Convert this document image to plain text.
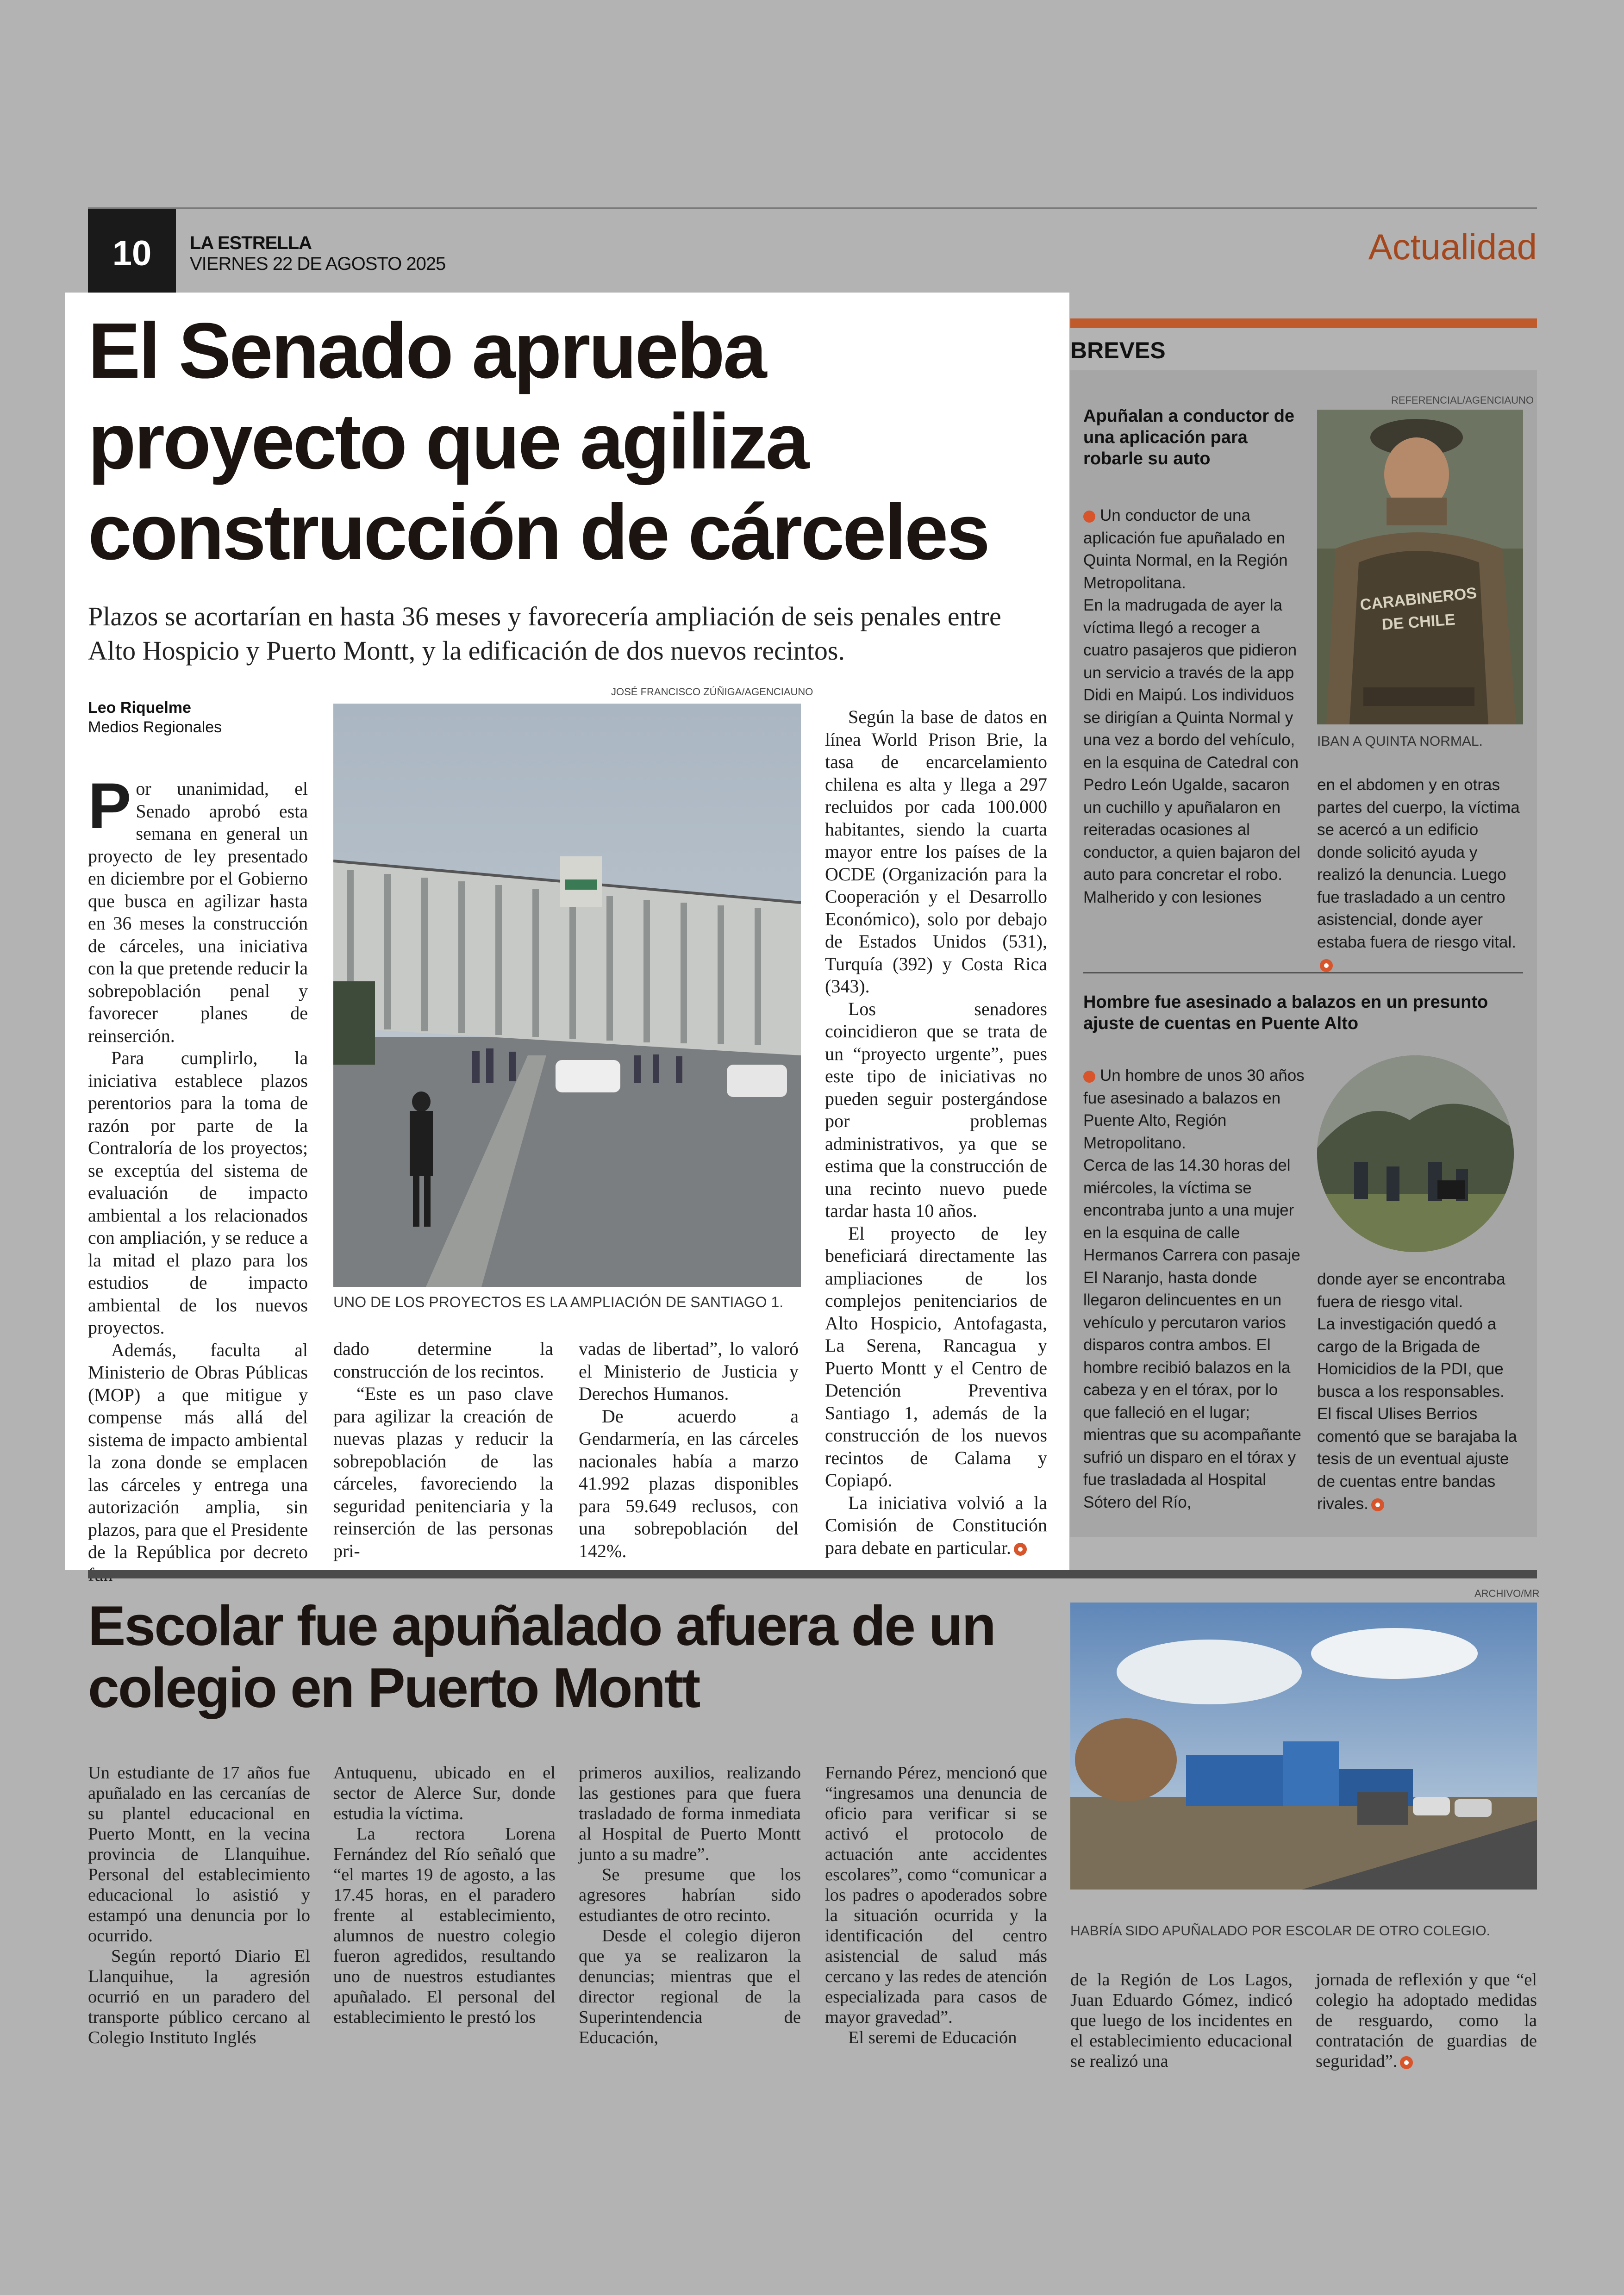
10	LA ESTRELLA
VIERNES 22 DE AGOSTO 2025	Actualidad
El Senado aprueba proyecto que agiliza construcción de cárceles
Plazos se acortarían en hasta 36 meses y favorecería ampliación de seis penales entre Alto Hospicio y Puerto Montt, y la edificación de dos nuevos recintos.
Leo Riquelme
Medios Regionales

Por unanimidad, el Senado aprobó esta semana en general un proyecto de ley presentado en diciembre por el Gobierno que busca en agilizar hasta en 36 meses la construcción de cárceles, una iniciativa con la que pretende reducir la sobrepoblación penal y favorecer planes de reinserción.

Para cumplirlo, la iniciativa establece plazos perentorios para la toma de razón por parte de la Contraloría de los proyectos; se exceptúa del sistema de evaluación de impacto ambiental a los relacionados con ampliación, y se reduce a la mitad el plazo para los estudios de impacto ambiental de los nuevos proyectos.

Además, faculta al Ministerio de Obras Públicas (MOP) a que mitigue y compense más allá del sistema de impacto ambiental la zona donde se emplacen las cárceles y entrega una autorización amplia, sin plazos, para que el Presidente de la República por decreto

JOSÉ FRANCISCO ZÚÑIGA/AGENCIAUNO
UNO DE LOS PROYECTOS ES LA AMPLIACIÓN DE SANTIAGO 1.

dado determine la construcción de los recintos.

“Este es un paso clave para agilizar la creación de nuevas plazas y reducir la sobrepoblación de las cárceles, favoreciendo la seguridad penitenciaria y la reinserción de las personas pri-

vadas de libertad”, lo valoró el Ministerio de Justicia y Derechos Humanos.

De acuerdo a Gendarmería, en las cárceles nacionales había a marzo 41.992 plazas disponibles para 59.649 reclusos, con una sobrepoblación del 142%.

Según la base de datos en línea World Prison Brie, la tasa de encarcelamiento chilena es alta y llega a 297 recluidos por cada 100.000 habitantes, siendo la cuarta mayor entre los países de la OCDE (Organización para la Cooperación y el Desarrollo Económico), solo por debajo de Estados Unidos (531), Turquía (392) y Costa Rica (343).

Los senadores coincidieron que se trata de un “proyecto urgente”, pues este tipo de iniciativas no pueden seguir postergándose por problemas administrativos, ya que se estima que la construcción de una recinto nuevo puede tardar hasta 10 años.

El proyecto de ley beneficiará directamente las ampliaciones de los complejos penitenciarios de Alto Hospicio, Antofagasta, La Serena, Rancagua y Puerto Montt y el Centro de Detención Preventiva Santiago 1, además de la construcción de los nuevos recintos de Calama y Copiapó.

La iniciativa volvió a la Comisión de Constitución para debate en particular.

BREVES
REFERENCIAL/AGENCIAUNO
Apuñalan a conductor de una aplicación para robarle su auto
CARABINEROS
DE CHILE
IBAN A QUINTA NORMAL.
Un conductor de una aplicación fue apuñalado en Quinta Normal, en la Región Metropolitana.
En la madrugada de ayer la víctima llegó a recoger a cuatro pasajeros que pidieron un servicio a través de la app Didi en Maipú. Los individuos se dirigían a Quinta Normal y una vez a bordo del vehículo, en la esquina de Catedral con Pedro León Ugalde, sacaron un cuchillo y apuñalaron en reiteradas ocasiones al conductor, a quien bajaron del auto para concretar el robo.
Malherido y con lesiones
en el abdomen y en otras partes del cuerpo, la víctima se acercó a un edificio donde solicitó ayuda y realizó la denuncia. Luego fue trasladado a un centro asistencial, donde ayer estaba fuera de riesgo vital.
Hombre fue asesinado a balazos en un presunto ajuste de cuentas en Puente Alto
Un hombre de unos 30 años fue asesinado a balazos en Puente Alto, Región Metropolitano.
Cerca de las 14.30 horas del miércoles, la víctima se encontraba junto a una mujer en la esquina de calle Hermanos Carrera con pasaje El Naranjo, hasta donde llegaron delincuentes en un vehículo y percutaron varios disparos contra ambos. El hombre recibió balazos en la cabeza y en el tórax, por lo que falleció en el lugar; mientras que su acompañante sufrió un disparo en el tórax y fue trasladada al Hospital Sótero del Río,
donde ayer se encontraba fuera de riesgo vital.
La investigación quedó a cargo de la Brigada de Homicidios de la PDI, que busca a los responsables.
El fiscal Ulises Berrios comentó que se barajaba la tesis de un eventual ajuste de cuentas entre bandas rivales.
Escolar fue apuñalado afuera de un colegio en Puerto Montt
ARCHIVO/MR
HABRÍA SIDO APUÑALADO POR ESCOLAR DE OTRO COLEGIO.

Un estudiante de 17 años fue apuñalado en las cercanías de su plantel educacional en Puerto Montt, en la vecina provincia de Llanquihue. Personal del establecimiento educacional lo asistió y estampó una denuncia por lo ocurrido.

Según reportó Diario El Llanquihue, la agresión ocurrió en un paradero del transporte público cercano al Colegio Instituto Inglés

Antuquenu, ubicado en el sector de Alerce Sur, donde estudia la víctima.

La rectora Lorena Fernández del Río señaló que “el martes 19 de agosto, a las 17.45 horas, en el paradero frente al establecimiento, alumnos de nuestro colegio fueron agredidos, resultando uno de nuestros estudiantes apuñalado. El personal del establecimiento le prestó los

primeros auxilios, realizando las gestiones para que fuera trasladado de forma inmediata al Hospital de Puerto Montt junto a su madre”.

Se presume que los agresores habrían sido estudiantes de otro recinto.

Desde el colegio dijeron que ya se realizaron la denuncias; mientras que el director regional de la Superintendencia de Educación,

Fernando Pérez, mencionó que “ingresamos una denuncia de oficio para verificar si se activó el protocolo de actuación ante accidentes escolares”, como “comunicar a los padres o apoderados sobre la situación ocurrida y la identificación del centro asistencial de salud más cercano y las redes de atención especializada para casos de mayor gravedad”.

El seremi de Educación

de la Región de Los Lagos, Juan Eduardo Gómez, indicó que luego de los incidentes en el establecimiento educacional se realizó una

jornada de reflexión y que “el colegio ha adoptado medidas de resguardo, como la contratación de guardias de seguridad”.
